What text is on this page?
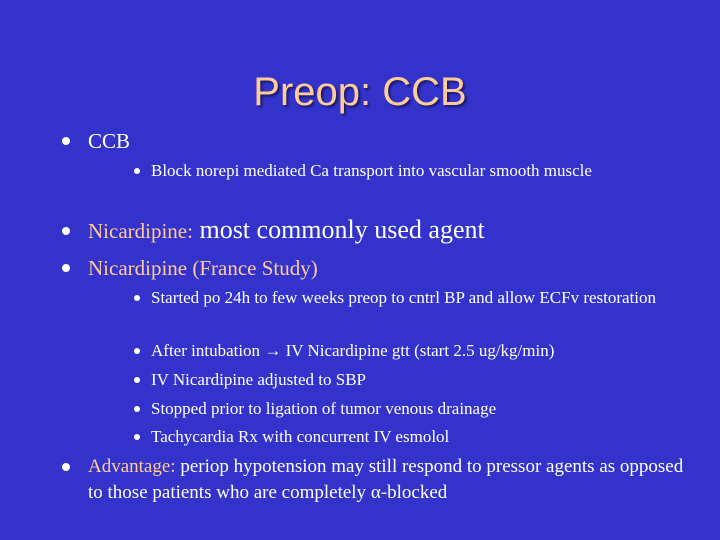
Preop: CCB
CCB
Block norepi mediated Ca transport into vascular smooth muscle
Nicardipine: most commonly used agent
Nicardipine (France Study)
Started po 24h to few weeks preop to cntrl BP and allow ECFv restoration
After intubation → IV Nicardipine gtt (start 2.5 ug/kg/min)
IV Nicardipine adjusted to SBP
Stopped prior to ligation of tumor venous drainage
Tachycardia Rx with concurrent IV esmolol
Advantage: periop hypotension may still respond to pressor agents as opposed to those patients who are completely α-blocked
